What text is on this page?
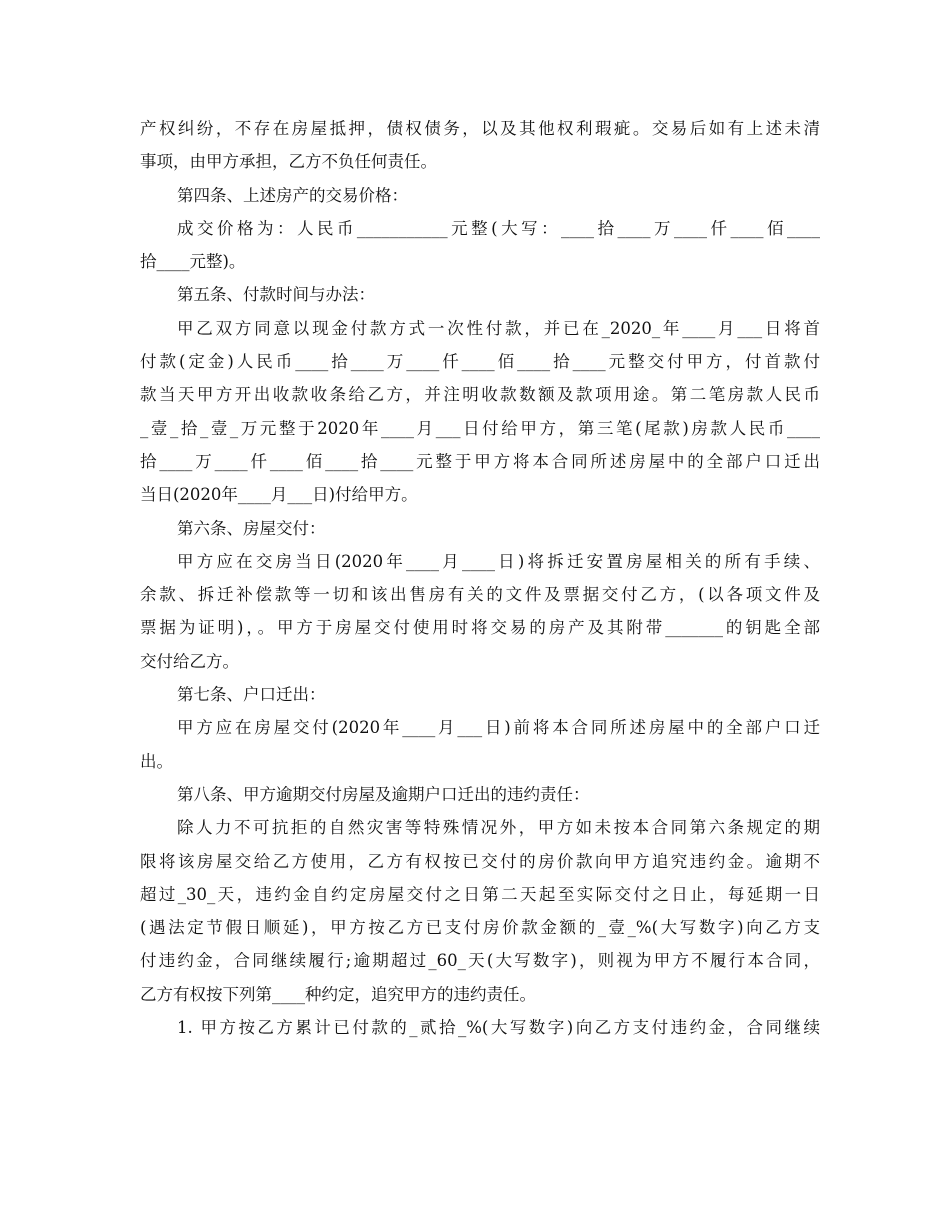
产权纠纷，不存在房屋抵押，债权债务，以及其他权利瑕疵。交易后如有上述未清
事项，由甲方承担，乙方不负任何责任。
第四条、上述房产的交易价格：
成交价格为：人民币___________元整(大写：____拾____万____仟____佰____
拾____元整)。
第五条、付款时间与办法：
甲乙双方同意以现金付款方式一次性付款，并已在_2020_年____月___日将首
付款(定金)人民币____拾____万____仟____佰____拾____元整交付甲方，付首款付
款当天甲方开出收款收条给乙方，并注明收款数额及款项用途。第二笔房款人民币
_壹_拾_壹_万元整于2020年____月___日付给甲方，第三笔(尾款)房款人民币____
拾____万____仟____佰____拾____元整于甲方将本合同所述房屋中的全部户口迁出
当日(2020年____月___日)付给甲方。
第六条、房屋交付：
甲方应在交房当日(2020年____月____日)将拆迁安置房屋相关的所有手续、
余款、拆迁补偿款等一切和该出售房有关的文件及票据交付乙方，(以各项文件及
票据为证明)，。甲方于房屋交付使用时将交易的房产及其附带_______的钥匙全部
交付给乙方。
第七条、户口迁出：
甲方应在房屋交付(2020年____月___日)前将本合同所述房屋中的全部户口迁
出。
第八条、甲方逾期交付房屋及逾期户口迁出的违约责任：
除人力不可抗拒的自然灾害等特殊情况外，甲方如未按本合同第六条规定的期
限将该房屋交给乙方使用，乙方有权按已交付的房价款向甲方追究违约金。逾期不
超过_30_天，违约金自约定房屋交付之日第二天起至实际交付之日止，每延期一日
(遇法定节假日顺延)，甲方按乙方已支付房价款金额的_壹_%(大写数字)向乙方支
付违约金，合同继续履行;逾期超过_60_天(大写数字)，则视为甲方不履行本合同，
乙方有权按下列第____种约定，追究甲方的违约责任。
1. 甲方按乙方累计已付款的_贰拾_%(大写数字)向乙方支付违约金，合同继续
